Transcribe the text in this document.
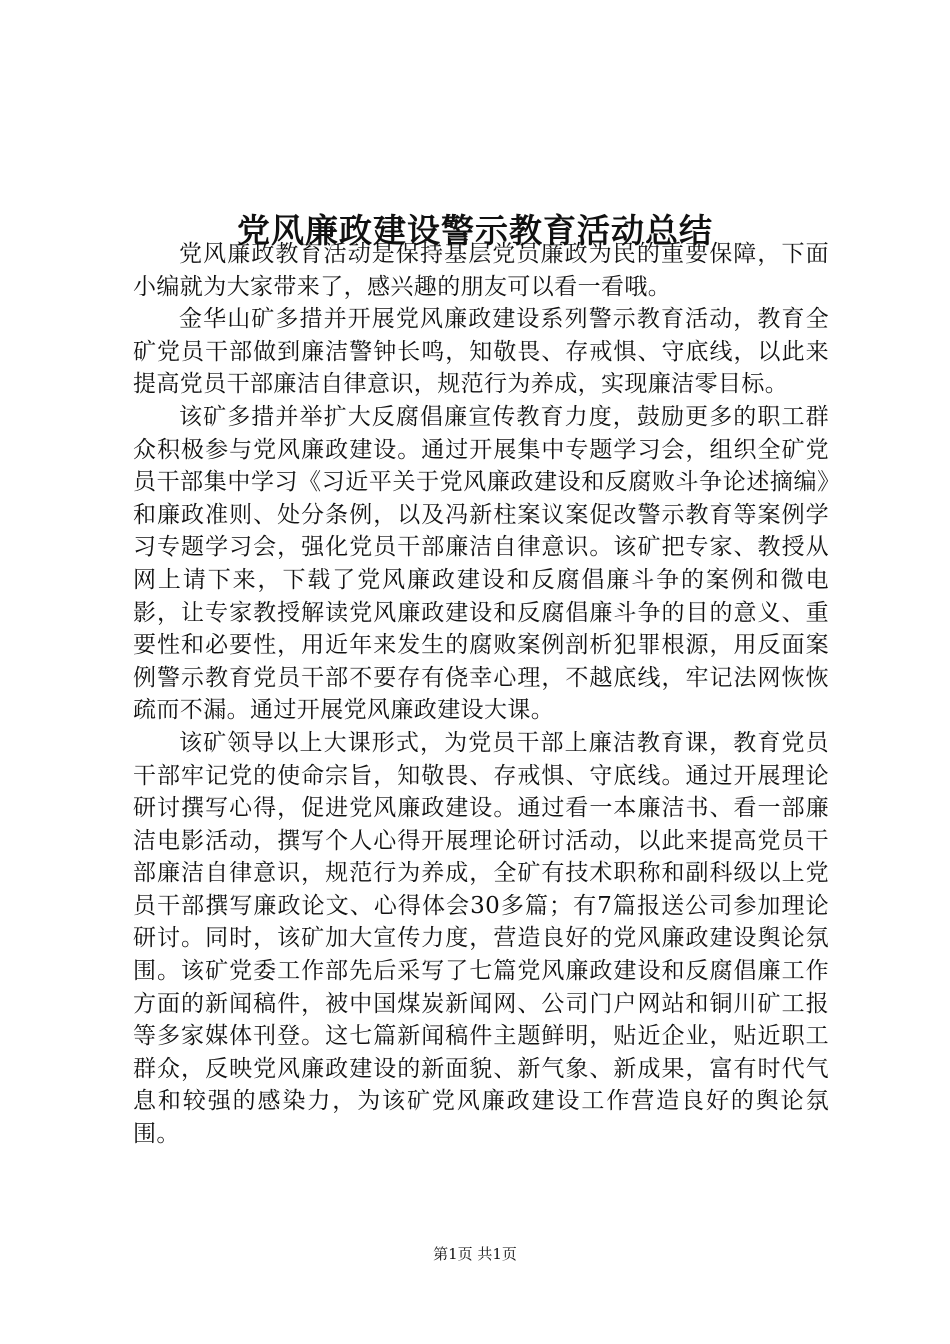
党风廉政建设警示教育活动总结

党风廉政教育活动是保持基层党员廉政为民的重要保障，下面小编就为大家带来了，感兴趣的朋友可以看一看哦。

金华山矿多措并开展党风廉政建设系列警示教育活动，教育全矿党员干部做到廉洁警钟长鸣，知敬畏、存戒惧、守底线，以此来提高党员干部廉洁自律意识，规范行为养成，实现廉洁零目标。

该矿多措并举扩大反腐倡廉宣传教育力度，鼓励更多的职工群众积极参与党风廉政建设。通过开展集中专题学习会，组织全矿党员干部集中学习《习近平关于党风廉政建设和反腐败斗争论述摘编》和廉政准则、处分条例，以及冯新柱案议案促改警示教育等案例学习专题学习会，强化党员干部廉洁自律意识。该矿把专家、教授从网上请下来，下载了党风廉政建设和反腐倡廉斗争的案例和微电影，让专家教授解读党风廉政建设和反腐倡廉斗争的目的意义、重要性和必要性，用近年来发生的腐败案例剖析犯罪根源，用反面案例警示教育党员干部不要存有侥幸心理，不越底线，牢记法网恢恢疏而不漏。通过开展党风廉政建设大课。

该矿领导以上大课形式，为党员干部上廉洁教育课，教育党员干部牢记党的使命宗旨，知敬畏、存戒惧、守底线。通过开展理论研讨撰写心得，促进党风廉政建设。通过看一本廉洁书、看一部廉洁电影活动，撰写个人心得开展理论研讨活动，以此来提高党员干部廉洁自律意识，规范行为养成，全矿有技术职称和副科级以上党员干部撰写廉政论文、心得体会30多篇；有7篇报送公司参加理论研讨。同时，该矿加大宣传力度，营造良好的党风廉政建设舆论氛围。该矿党委工作部先后采写了七篇党风廉政建设和反腐倡廉工作方面的新闻稿件，被中国煤炭新闻网、公司门户网站和铜川矿工报等多家媒体刊登。这七篇新闻稿件主题鲜明，贴近企业，贴近职工群众，反映党风廉政建设的新面貌、新气象、新成果，富有时代气息和较强的感染力，为该矿党风廉政建设工作营造良好的舆论氛围。

第1页 共1页
